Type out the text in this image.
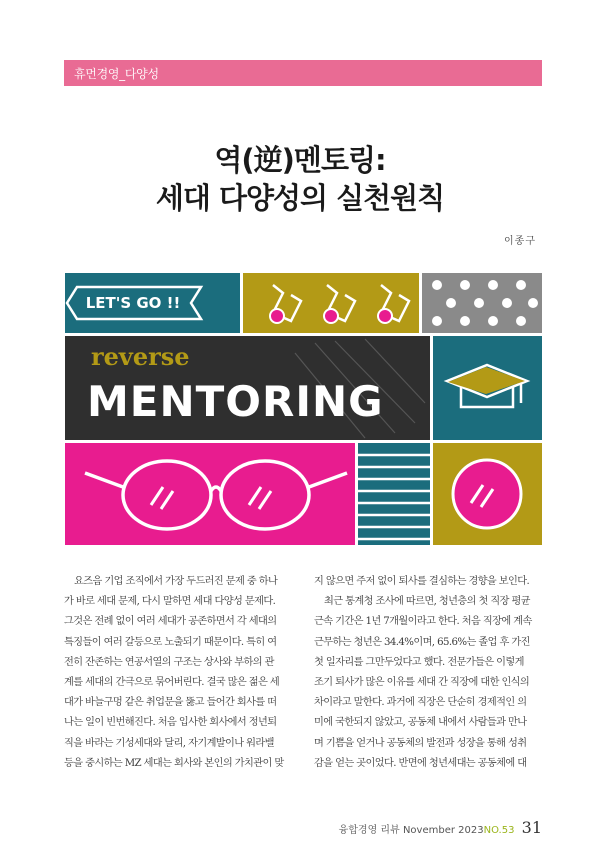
휴먼경영_다양성
역(逆)멘토링:
세대 다양성의 실천원칙
이종구
LET'S GO !!
reverse
MENTORING
요즈음 기업 조직에서 가장 두드러진 문제 중 하나
가 바로 세대 문제, 다시 말하면 세대 다양성 문제다.
그것은 전례 없이 여러 세대가 공존하면서 각 세대의
특징들이 여러 갈등으로 노출되기 때문이다. 특히 여
전히 잔존하는 연공서열의 구조는 상사와 부하의 관
계를 세대의 간극으로 묶어버린다. 결국 많은 젊은 세
대가 바늘구멍 같은 취업문을 뚫고 들어간 회사를 떠
나는 일이 빈번해진다. 처음 입사한 회사에서 정년퇴
직을 바라는 기성세대와 달리, 자기계발이나 워라밸
등을 중시하는 MZ 세대는 회사와 본인의 가치관이 맞
지 않으면 주저 없이 퇴사를 결심하는 경향을 보인다.
최근 통계청 조사에 따르면, 청년층의 첫 직장 평균
근속 기간은 1년 7개월이라고 한다. 처음 직장에 계속
근무하는 청년은 34.4%이며, 65.6%는 졸업 후 가진
첫 일자리를 그만두었다고 했다. 전문가들은 이렇게
조기 퇴사가 많은 이유를 세대 간 직장에 대한 인식의
차이라고 말한다. 과거에 직장은 단순히 경제적인 의
미에 국한되지 않았고, 공동체 내에서 사람들과 만나
며 기쁨을 얻거나 공동체의 발전과 성장을 통해 성취
감을 얻는 곳이었다. 반면에 청년세대는 공동체에 대
융합경영 리뷰 November 2023NO.53 31
